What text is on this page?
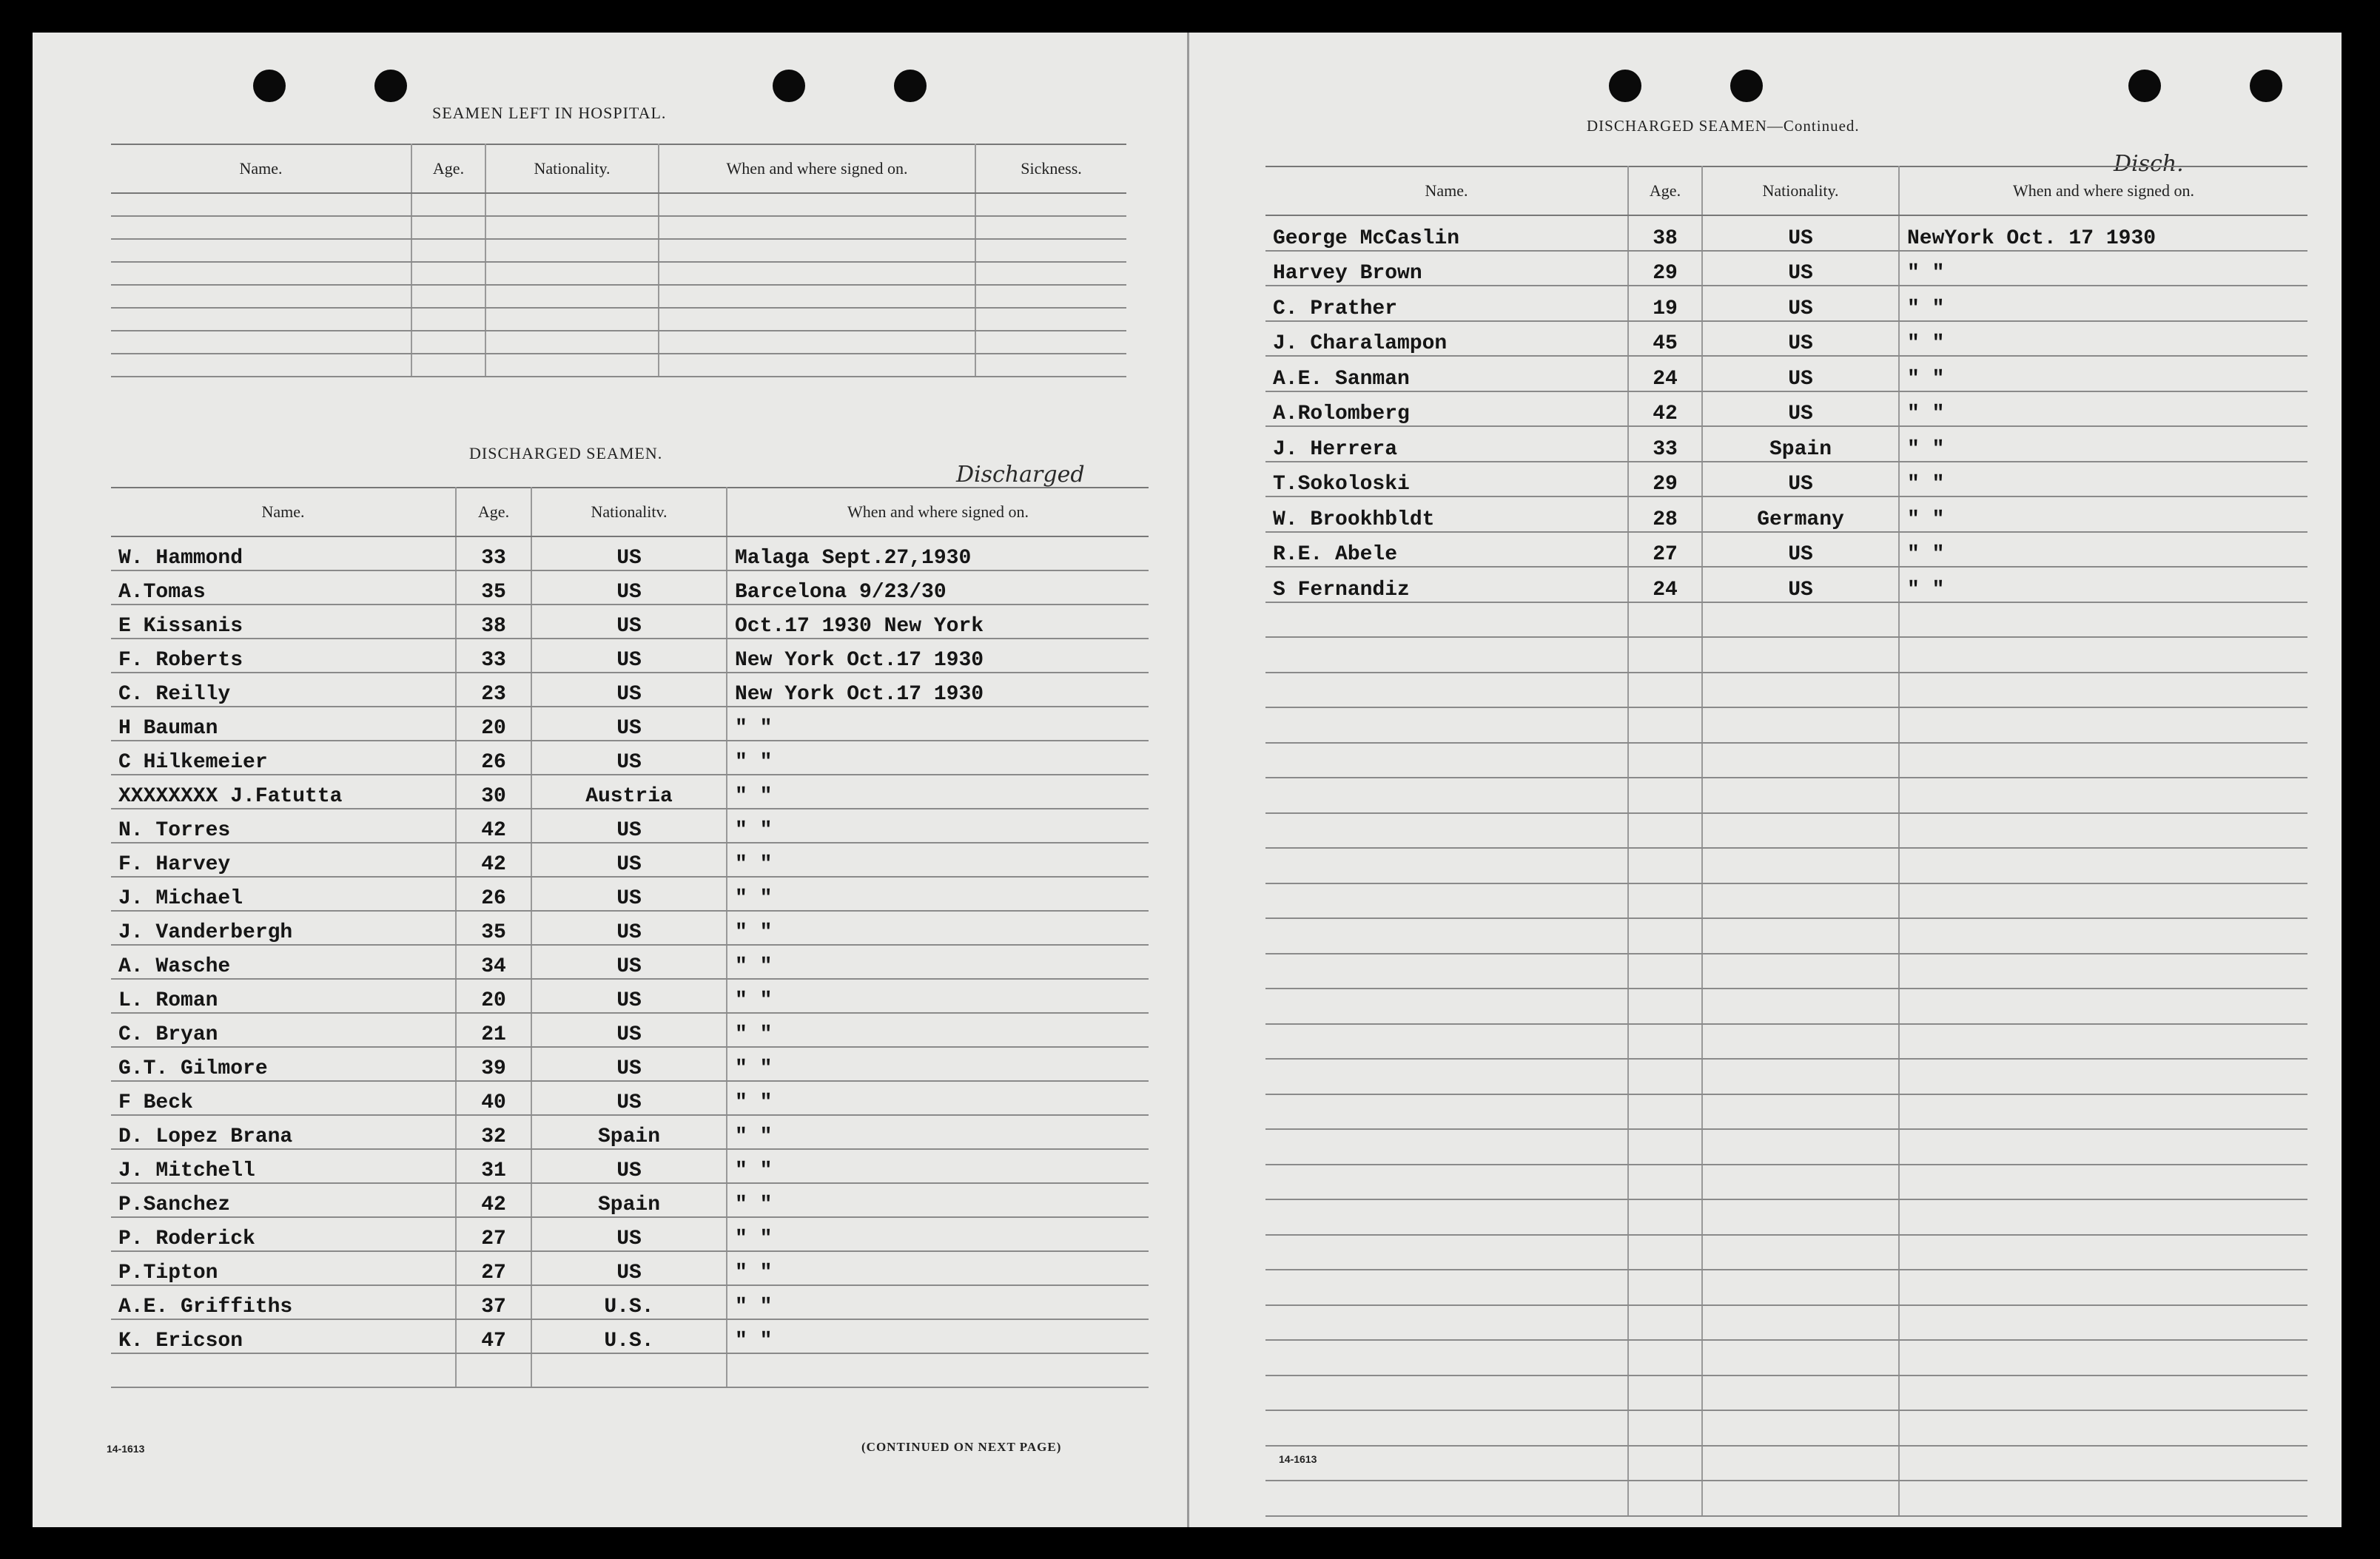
SEAMEN LEFT IN HOSPITAL.
Name.	Age.	Nationality.	When and where signed on.	Sickness.

DISCHARGED SEAMEN.
Discharged
Name.	Age.	Nationalitv.	When and where signed on.
W. Hammond	33	US	Malaga Sept.27,1930
A.Tomas	35	US	Barcelona 9/23/30
E Kissanis	38	US	Oct.17 1930 New York
F. Roberts	33	US	New York Oct.17 1930
C. Reilly	23	US	New York Oct.17 1930
H Bauman	20	US	" "
C Hilkemeier	26	US	" "
XXXXXXXX J.Fatutta	30	Austria	" "
N. Torres	42	US	" "
F. Harvey	42	US	" "
J. Michael	26	US	" "
J. Vanderbergh	35	US	" "
A. Wasche	34	US	" "
L. Roman	20	US	" "
C. Bryan	21	US	" "
G.T. Gilmore	39	US	" "
F Beck	40	US	" "
D. Lopez Brana	32	Spain	" "
J. Mitchell	31	US	" "
P.Sanchez	42	Spain	" "
P. Roderick	27	US	" "
P.Tipton	27	US	" "
A.E. Griffiths	37	U.S.	" "
K. Ericson	47	U.S.	" "

14-1613	(CONTINUED ON NEXT PAGE)
DISCHARGED SEAMEN—Continued.
Disch.
Name.	Age.	Nationality.	When and where signed on.
George McCaslin	38	US	NewYork Oct. 17 1930
Harvey Brown	29	US	" "
C. Prather	19	US	" "
J. Charalampon	45	US	" "
A.E. Sanman	24	US	" "
A.Rolomberg	42	US	" "
J. Herrera	33	Spain	" "
T.Sokoloski	29	US	" "
W. Brookhbldt	28	Germany	" "
R.E. Abele	27	US	" "
S Fernandiz	24	US	" "

14-1613
